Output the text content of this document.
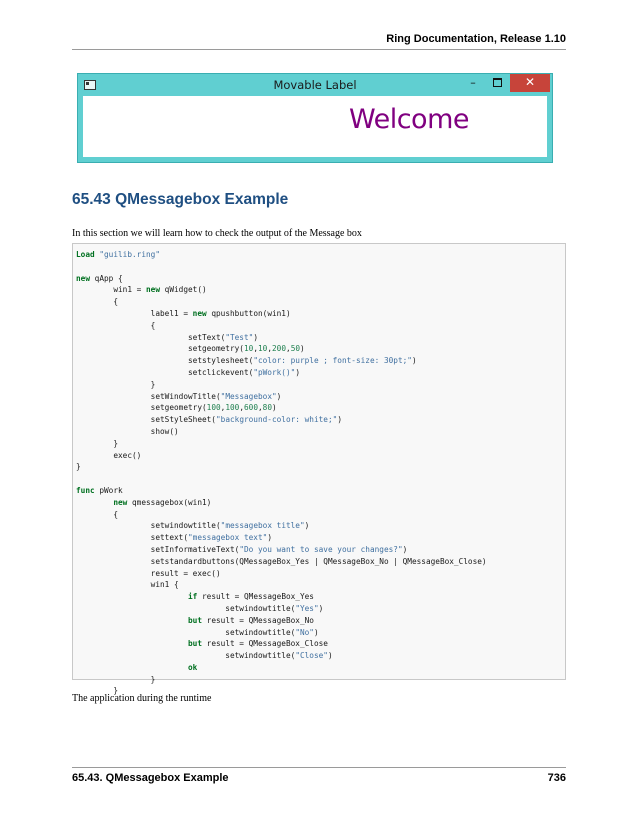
Ring Documentation, Release 1.10
Movable Label	–	✕
Welcome
65.43 QMessagebox Example
In this section we will learn how to check the output of the Message box
Load "guilib.ring"

new qApp {
win1 = new qWidget()
{
label1 = new qpushbutton(win1)
{
setText("Test")
setgeometry(10,10,200,50)
setstylesheet("color: purple ; font-size: 30pt;")
setclickevent("pWork()")
}
setWindowTitle("Messagebox")
setgeometry(100,100,600,80)
setStyleSheet("background-color: white;")
show()
}
exec()
}

func pWork
new qmessagebox(win1)
{
setwindowtitle("messagebox title")
settext("messagebox text")
setInformativeText("Do you want to save your changes?")
setstandardbuttons(QMessageBox_Yes | QMessageBox_No | QMessageBox_Close)
result = exec()
win1 {
if result = QMessageBox_Yes
setwindowtitle("Yes")
but result = QMessageBox_No
setwindowtitle("No")
but result = QMessageBox_Close
setwindowtitle("Close")
ok
}
}
The application during the runtime
65.43. QMessagebox Example	736
